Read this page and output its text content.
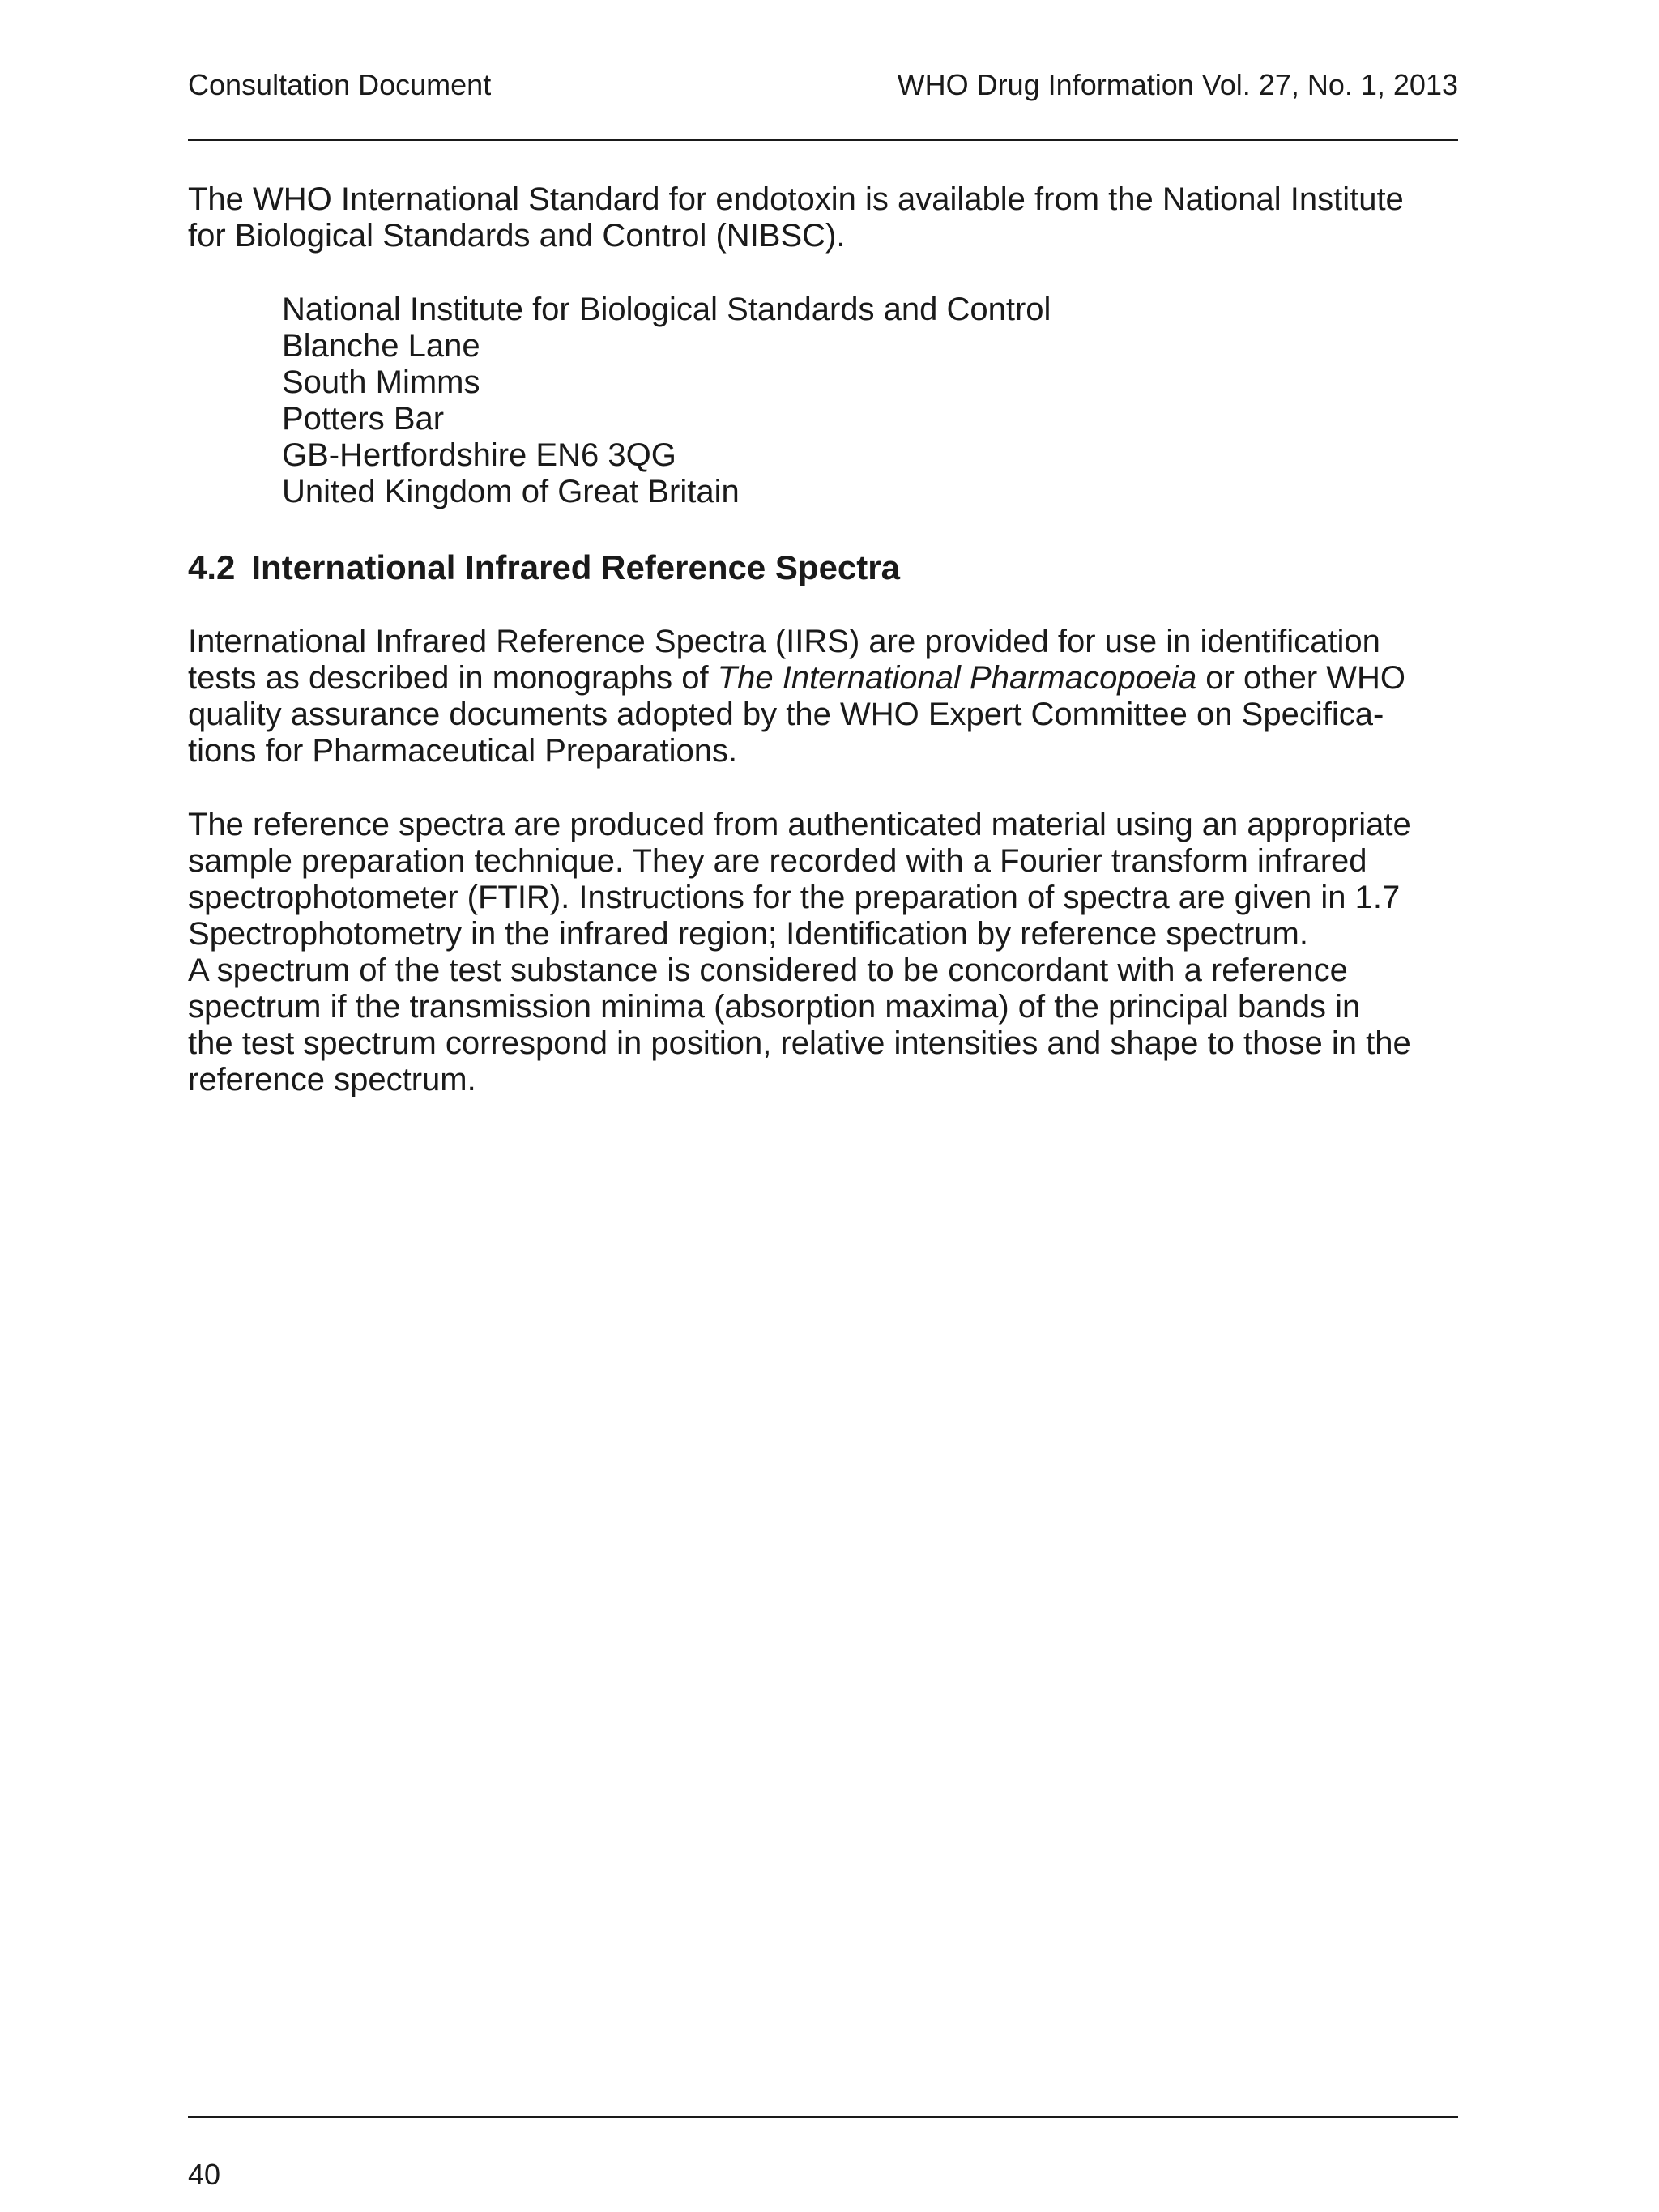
Consultation Document	WHO Drug Information Vol. 27, No. 1, 2013
The WHO International Standard for endotoxin is available from the National Institute
for Biological Standards and Control (NIBSC).
National Institute for Biological Standards and Control
Blanche Lane
South Mimms
Potters Bar
GB-Hertfordshire EN6 3QG
United Kingdom of Great Britain
4.2 International Infrared Reference Spectra
International Infrared Reference Spectra (IIRS) are provided for use in identification
tests as described in monographs of The International Pharmacopoeia or other WHO
quality assurance documents adopted by the WHO Expert Committee on Specifica-
tions for Pharmaceutical Preparations.
The reference spectra are produced from authenticated material using an appropriate
sample preparation technique. They are recorded with a Fourier transform infrared
spectrophotometer (FTIR). Instructions for the preparation of spectra are given in 1.7
Spectrophotometry in the infrared region; Identification by reference spectrum.
A spectrum of the test substance is considered to be concordant with a reference
spectrum if the transmission minima (absorption maxima) of the principal bands in
the test spectrum correspond in position, relative intensities and shape to those in the
reference spectrum.
40
